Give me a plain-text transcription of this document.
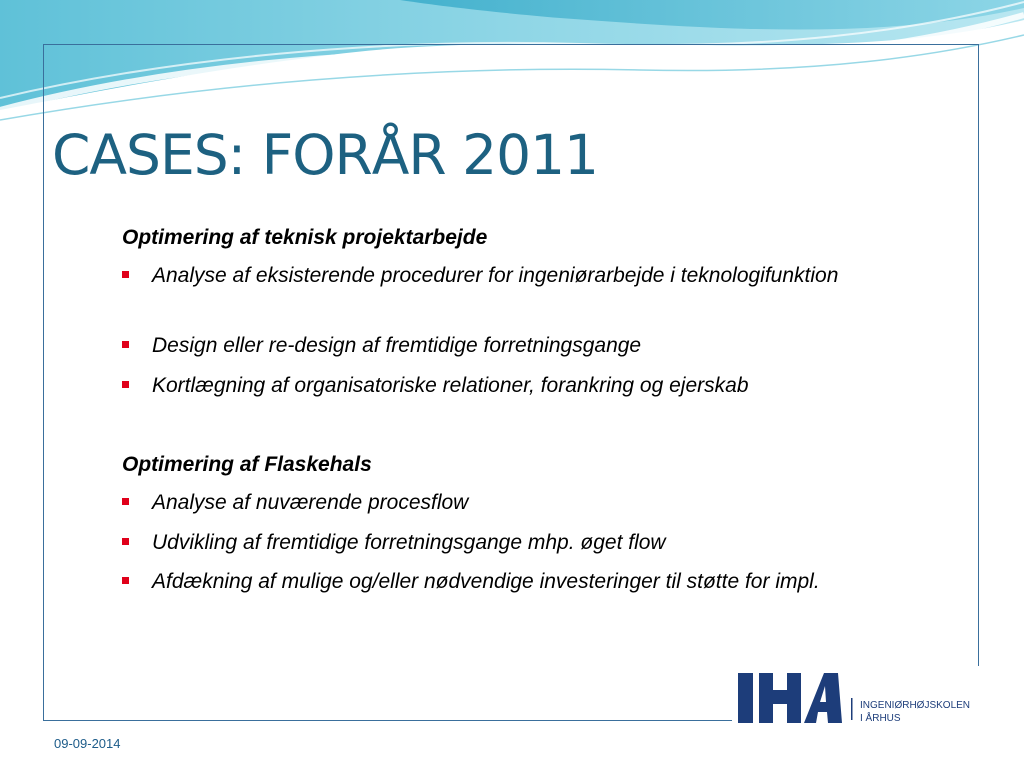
CASES: FORÅR 2011
Optimering af teknisk projektarbejde
Analyse af eksisterende procedurer for ingeniørarbejde i teknologifunktion
Design eller re-design af fremtidige forretningsgange
Kortlægning af organisatoriske relationer, forankring og ejerskab
Optimering af Flaskehals
Analyse af nuværende procesflow
Udvikling af fremtidige forretningsgange mhp. øget flow
Afdækning af mulige og/eller nødvendige investeringer til støtte for impl.
09-09-2014
INGENIØRHØJSKOLEN
I ÅRHUS
